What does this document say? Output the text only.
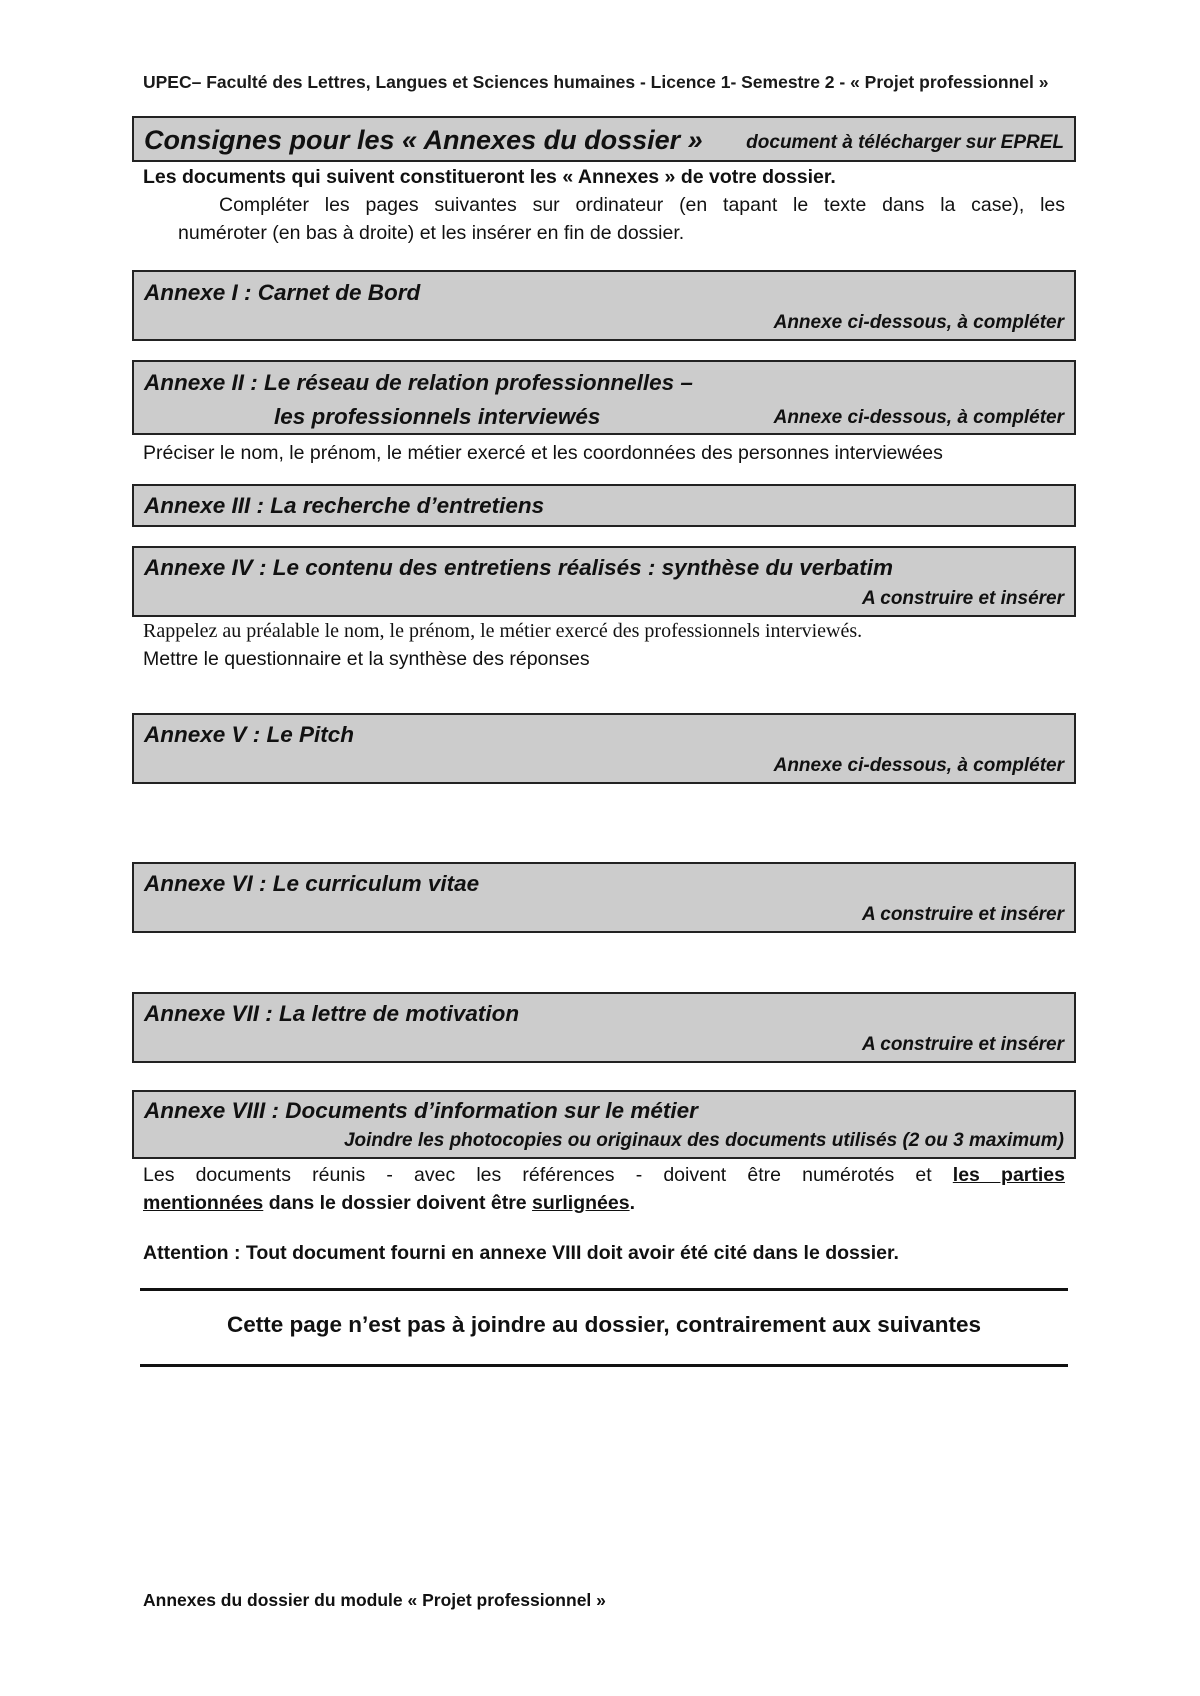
UPEC– Faculté des Lettres, Langues et Sciences humaines - Licence 1- Semestre 2 - « Projet professionnel »
Consignes pour les « Annexes du dossier » document à télécharger sur EPREL
Les documents qui suivent constitueront les « Annexes » de votre dossier.
Compléter les pages suivantes sur ordinateur (en tapant le texte dans la case), les
numéroter (en bas à droite) et les insérer en fin de dossier.
Annexe I : Carnet de Bord
Annexe ci-dessous, à compléter
Annexe II : Le réseau de relation professionnelles –
les professionnels interviewés	Annexe ci-dessous, à compléter
Préciser le nom, le prénom, le métier exercé et les coordonnées des personnes interviewées
Annexe III : La recherche d’entretiens
Annexe IV : Le contenu des entretiens réalisés : synthèse du verbatim
A construire et insérer
Rappelez au préalable le nom, le prénom, le métier exercé des professionnels interviewés.
Mettre le questionnaire et la synthèse des réponses
Annexe V : Le Pitch
Annexe ci-dessous, à compléter
Annexe VI : Le curriculum vitae
A construire et insérer
Annexe VII : La lettre de motivation
A construire et insérer
Annexe VIII : Documents d’information sur le métier
Joindre les photocopies ou originaux des documents utilisés (2 ou 3 maximum)
Les documents réunis - avec les références - doivent être numérotés et les parties
mentionnées dans le dossier doivent être surlignées.
Attention : Tout document fourni en annexe VIII doit avoir été cité dans le dossier.
Cette page n’est pas à joindre au dossier, contrairement aux suivantes
Annexes du dossier du module « Projet professionnel »
